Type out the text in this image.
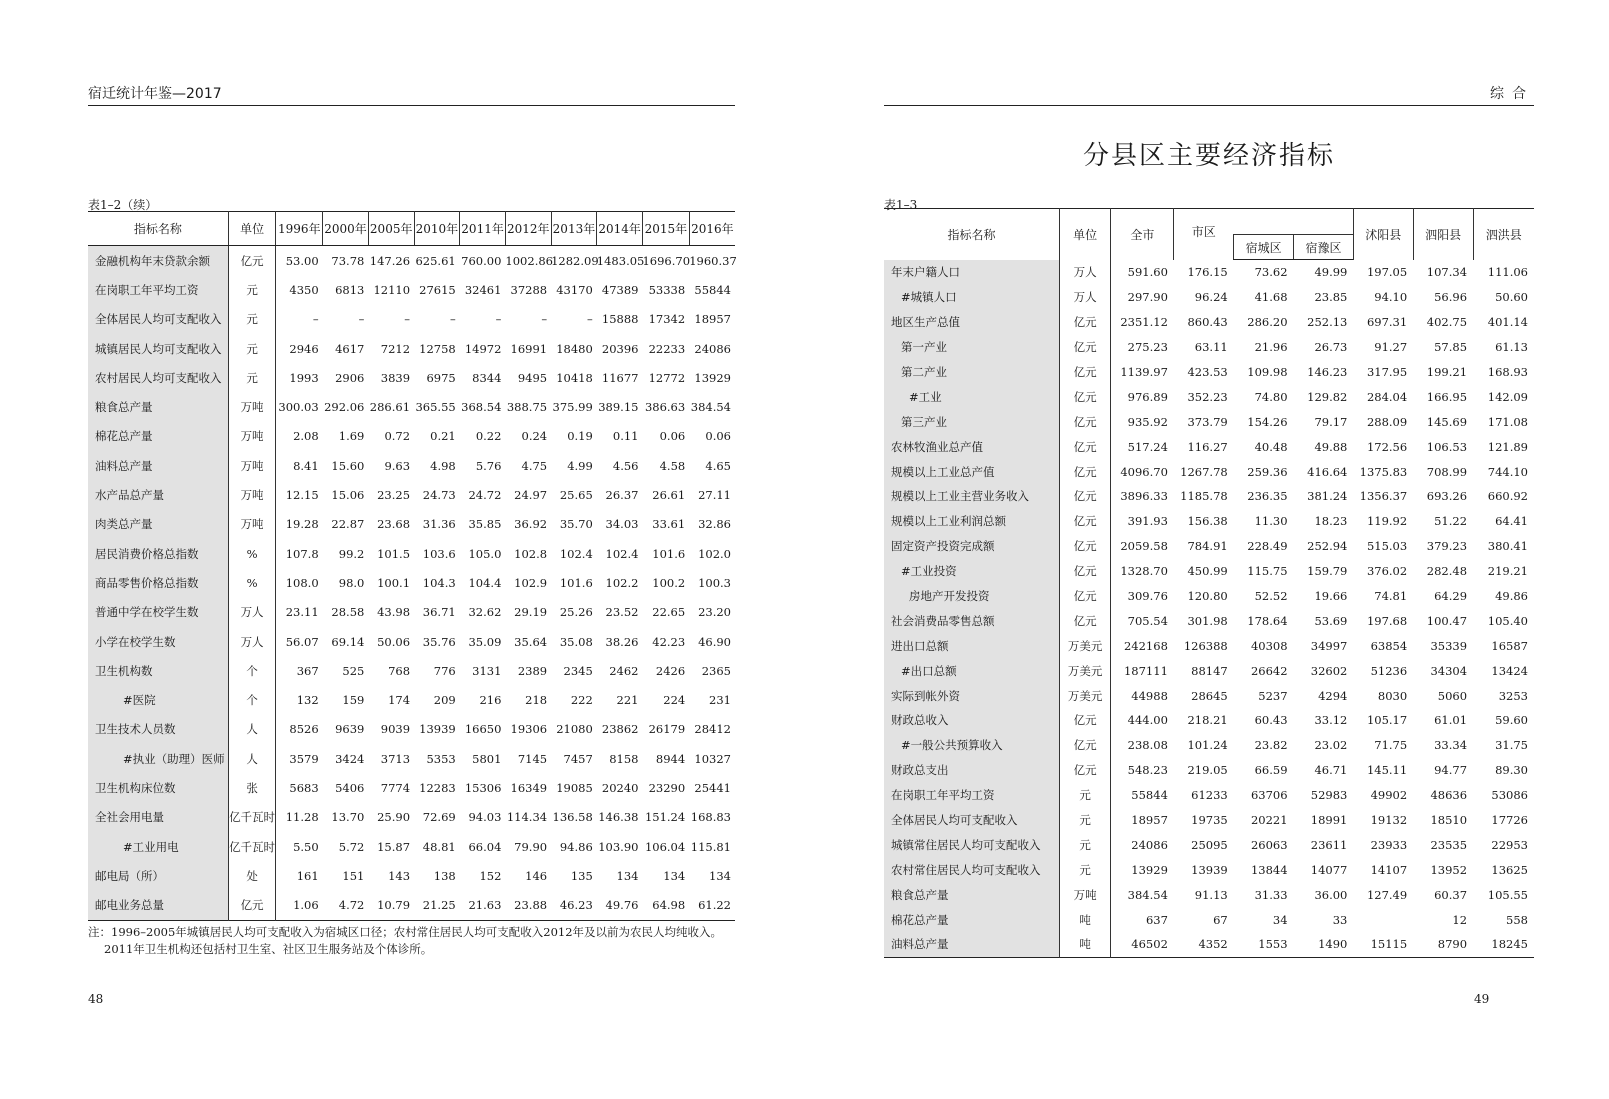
宿迁统计年鉴—2017
表1–2（续）
指标名称	单位	1996年	2000年	2005年	2010年	2011年	2012年	2013年	2014年	2015年	2016年
金融机构年末贷款余额	亿元	53.00	73.78	147.26	625.61	760.00	1002.86	1282.09	1483.05	1696.70	1960.37
在岗职工年平均工资	元	4350	6813	12110	27615	32461	37288	43170	47389	53338	55844
全体居民人均可支配收入	元	–	–	–	–	–	–	–	15888	17342	18957
城镇居民人均可支配收入	元	2946	4617	7212	12758	14972	16991	18480	20396	22233	24086
农村居民人均可支配收入	元	1993	2906	3839	6975	8344	9495	10418	11677	12772	13929
粮食总产量	万吨	300.03	292.06	286.61	365.55	368.54	388.75	375.99	389.15	386.63	384.54
棉花总产量	万吨	2.08	1.69	0.72	0.21	0.22	0.24	0.19	0.11	0.06	0.06
油料总产量	万吨	8.41	15.60	9.63	4.98	5.76	4.75	4.99	4.56	4.58	4.65
水产品总产量	万吨	12.15	15.06	23.25	24.73	24.72	24.97	25.65	26.37	26.61	27.11
肉类总产量	万吨	19.28	22.87	23.68	31.36	35.85	36.92	35.70	34.03	33.61	32.86
居民消费价格总指数	%	107.8	99.2	101.5	103.6	105.0	102.8	102.4	102.4	101.6	102.0
商品零售价格总指数	%	108.0	98.0	100.1	104.3	104.4	102.9	101.6	102.2	100.2	100.3
普通中学在校学生数	万人	23.11	28.58	43.98	36.71	32.62	29.19	25.26	23.52	22.65	23.20
小学在校学生数	万人	56.07	69.14	50.06	35.76	35.09	35.64	35.08	38.26	42.23	46.90
卫生机构数	个	367	525	768	776	3131	2389	2345	2462	2426	2365
#医院	个	132	159	174	209	216	218	222	221	224	231
卫生技术人员数	人	8526	9639	9039	13939	16650	19306	21080	23862	26179	28412
#执业（助理）医师	人	3579	3424	3713	5353	5801	7145	7457	8158	8944	10327
卫生机构床位数	张	5683	5406	7774	12283	15306	16349	19085	20240	23290	25441
全社会用电量	亿千瓦时	11.28	13.70	25.90	72.69	94.03	114.34	136.58	146.38	151.24	168.83
#工业用电	亿千瓦时	5.50	5.72	15.87	48.81	66.04	79.90	94.86	103.90	106.04	115.81
邮电局（所）	处	161	151	143	138	152	146	135	134	134	134
邮电业务总量	亿元	1.06	4.72	10.79	21.25	21.63	23.88	46.23	49.76	64.98	61.22
注：1996–2005年城镇居民人均可支配收入为宿城区口径；农村常住居民人均可支配收入2012年及以前为农民人均纯收入。
2011年卫生机构还包括村卫生室、社区卫生服务站及个体诊所。
48
综合
分县区主要经济指标
表1–3
指标名称	单位	全市	市区			沭阳县	泗阳县	泗洪县
				宿城区	宿豫区			
年末户籍人口	万人	591.60	176.15	73.62	49.99	197.05	107.34	111.06
#城镇人口	万人	297.90	96.24	41.68	23.85	94.10	56.96	50.60
地区生产总值	亿元	2351.12	860.43	286.20	252.13	697.31	402.75	401.14
第一产业	亿元	275.23	63.11	21.96	26.73	91.27	57.85	61.13
第二产业	亿元	1139.97	423.53	109.98	146.23	317.95	199.21	168.93
#工业	亿元	976.89	352.23	74.80	129.82	284.04	166.95	142.09
第三产业	亿元	935.92	373.79	154.26	79.17	288.09	145.69	171.08
农林牧渔业总产值	亿元	517.24	116.27	40.48	49.88	172.56	106.53	121.89
规模以上工业总产值	亿元	4096.70	1267.78	259.36	416.64	1375.83	708.99	744.10
规模以上工业主营业务收入	亿元	3896.33	1185.78	236.35	381.24	1356.37	693.26	660.92
规模以上工业利润总额	亿元	391.93	156.38	11.30	18.23	119.92	51.22	64.41
固定资产投资完成额	亿元	2059.58	784.91	228.49	252.94	515.03	379.23	380.41
#工业投资	亿元	1328.70	450.99	115.75	159.79	376.02	282.48	219.21
房地产开发投资	亿元	309.76	120.80	52.52	19.66	74.81	64.29	49.86
社会消费品零售总额	亿元	705.54	301.98	178.64	53.69	197.68	100.47	105.40
进出口总额	万美元	242168	126388	40308	34997	63854	35339	16587
#出口总额	万美元	187111	88147	26642	32602	51236	34304	13424
实际到帐外资	万美元	44988	28645	5237	4294	8030	5060	3253
财政总收入	亿元	444.00	218.21	60.43	33.12	105.17	61.01	59.60
#一般公共预算收入	亿元	238.08	101.24	23.82	23.02	71.75	33.34	31.75
财政总支出	亿元	548.23	219.05	66.59	46.71	145.11	94.77	89.30
在岗职工年平均工资	元	55844	61233	63706	52983	49902	48636	53086
全体居民人均可支配收入	元	18957	19735	20221	18991	19132	18510	17726
城镇常住居民人均可支配收入	元	24086	25095	26063	23611	23933	23535	22953
农村常住居民人均可支配收入	元	13929	13939	13844	14077	14107	13952	13625
粮食总产量	万吨	384.54	91.13	31.33	36.00	127.49	60.37	105.55
棉花总产量	吨	637	67	34	33		12	558
油料总产量	吨	46502	4352	1553	1490	15115	8790	18245
49
